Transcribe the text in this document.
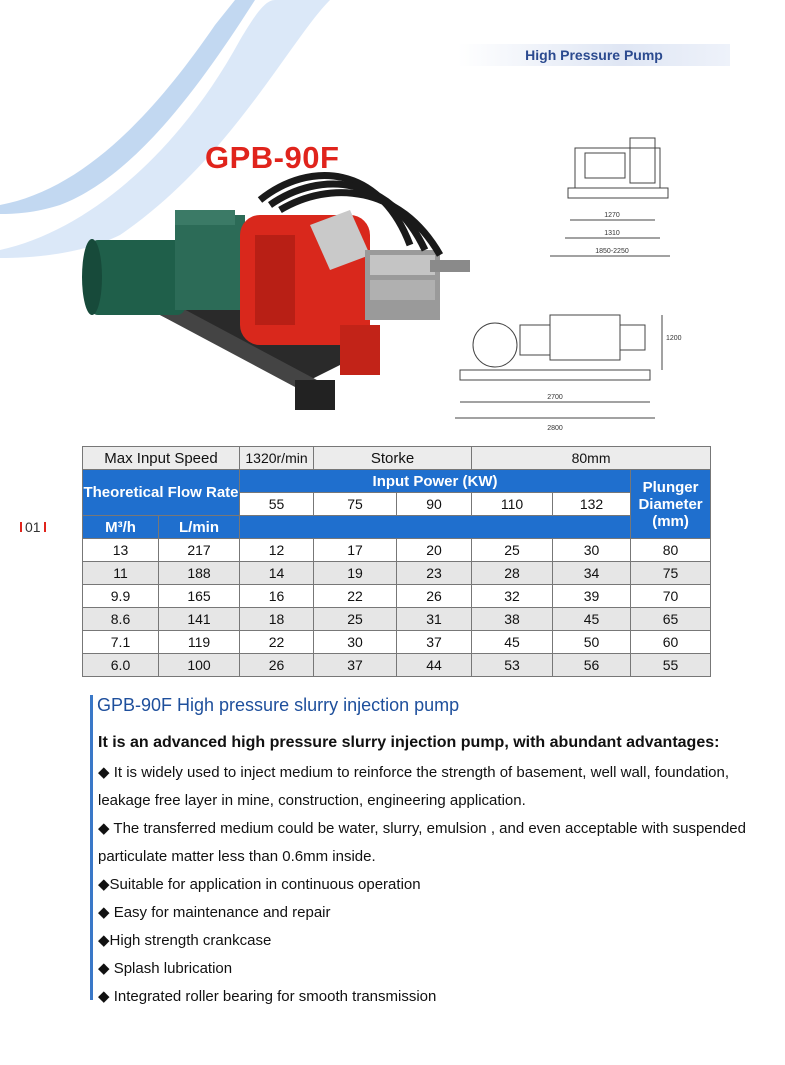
High Pressure Pump
GPB-90F
1270
1310
1850-2250
2700
2800
1200
01
Max Input Speed		1320r/min	Storke		80mm		
Theoretical Flow Rate		Input Power (KW)					Plunger Diameter (mm)
		55	75	90	110	132	
M³/h	L/min						
13	217	12	17	20	25	30	80
11	188	14	19	23	28	34	75
9.9	165	16	22	26	32	39	70
8.6	141	18	25	31	38	45	65
7.1	119	22	30	37	45	50	60
6.0	100	26	37	44	53	56	55
GPB-90F High pressure slurry injection pump
It is an advanced high pressure slurry injection pump, with abundant advantages:

◆ It is widely used to inject medium to reinforce the strength of basement, well wall, foundation, leakage free layer in mine, construction, engineering application.

◆ The transferred medium could be water, slurry, emulsion , and even acceptable with suspended particulate matter less than 0.6mm inside.

◆Suitable for application in continuous operation

◆ Easy for maintenance and repair

◆High strength crankcase

◆ Splash lubrication

◆ Integrated roller bearing for smooth transmission
